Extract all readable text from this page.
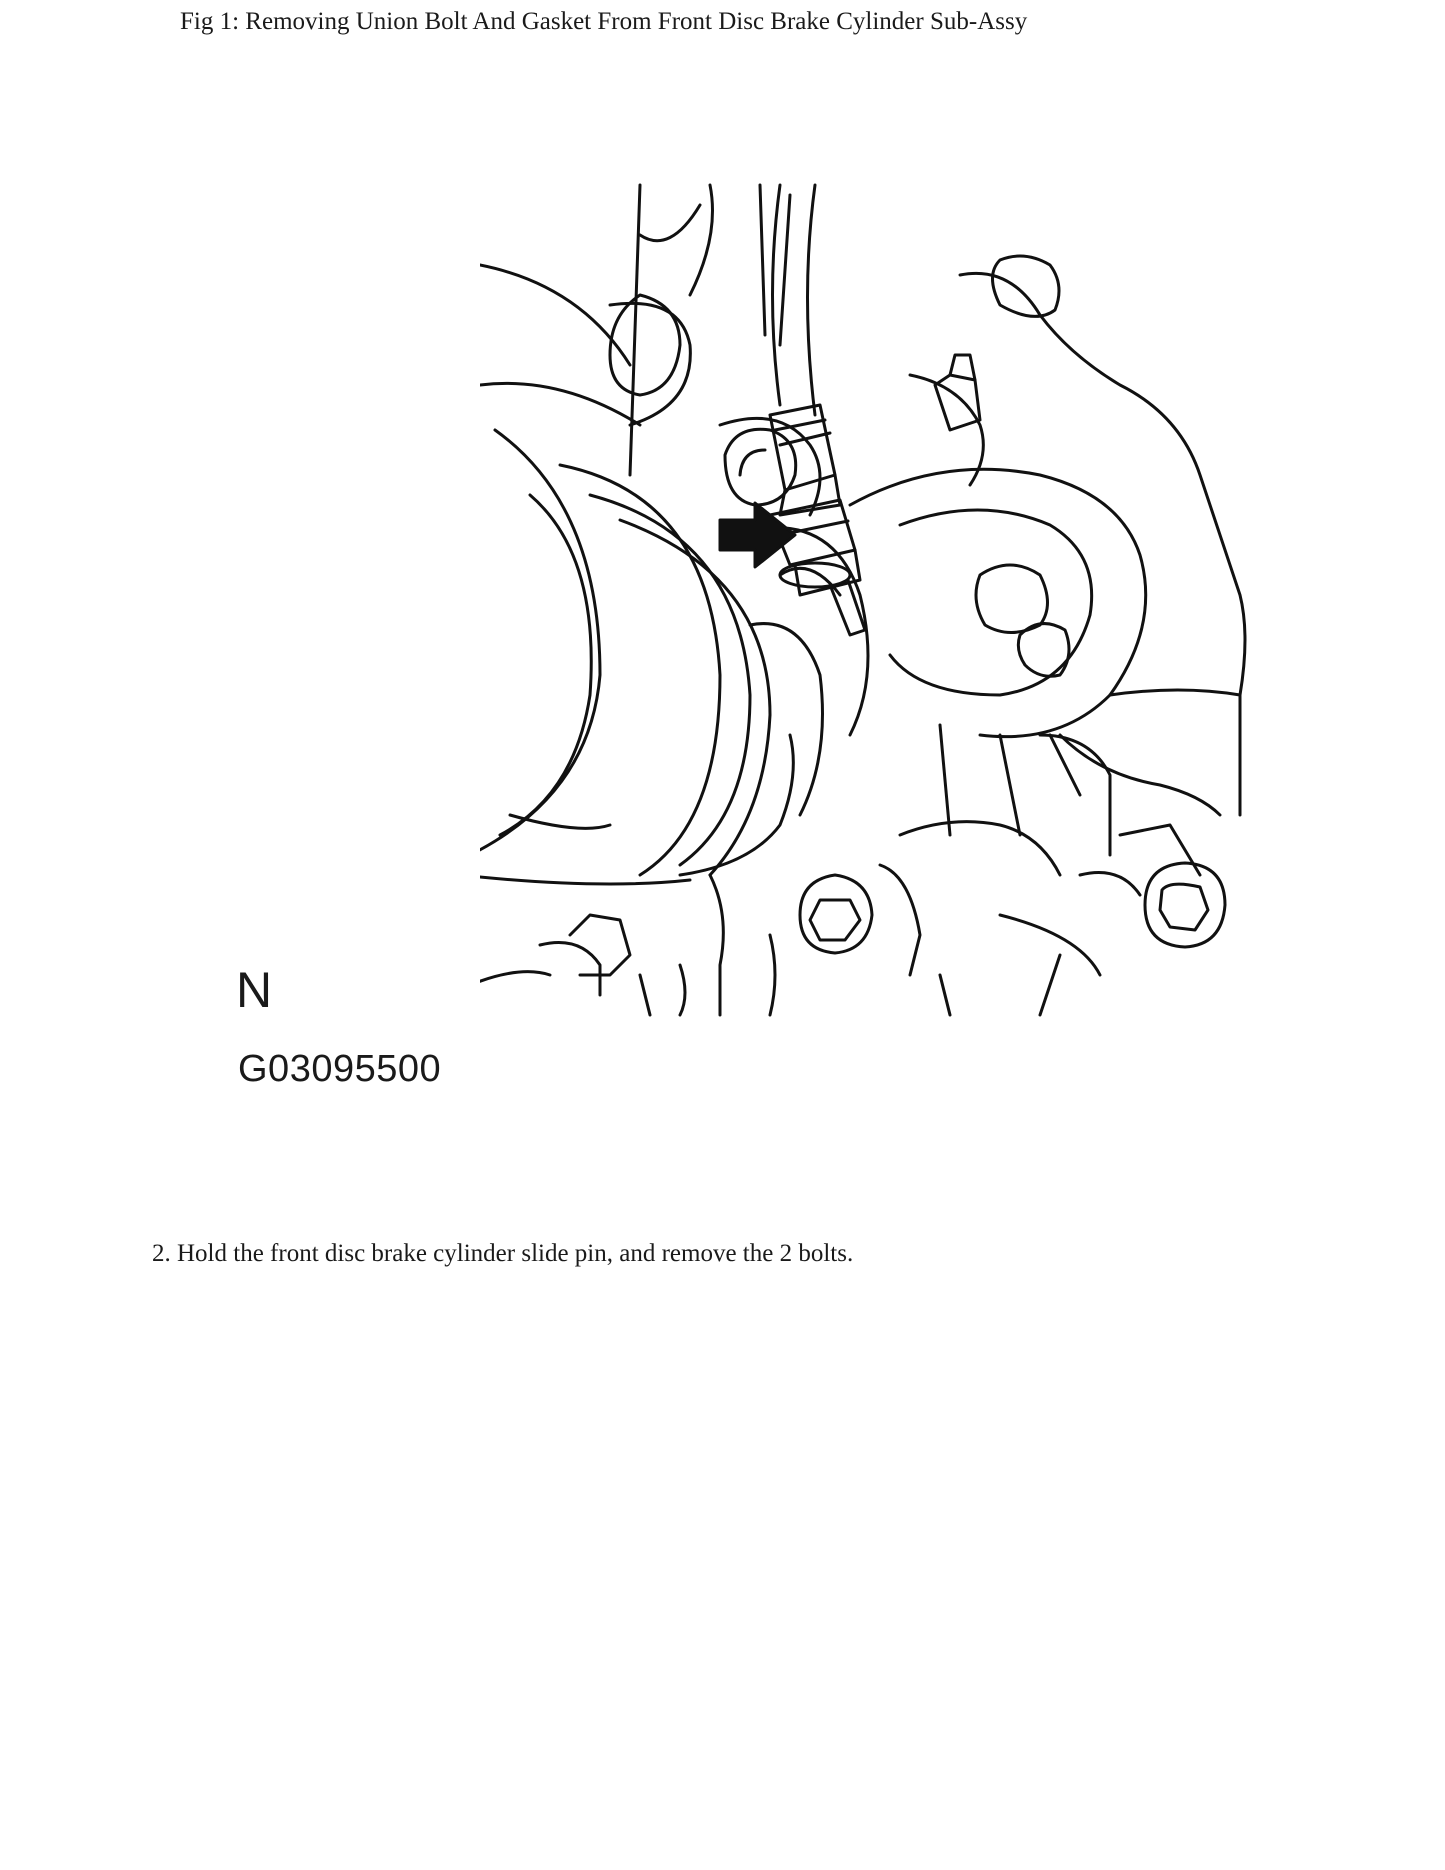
Fig 1: Removing Union Bolt And Gasket From Front Disc Brake Cylinder Sub-Assy
N
G03095500
2. Hold the front disc brake cylinder slide pin, and remove the 2 bolts.
